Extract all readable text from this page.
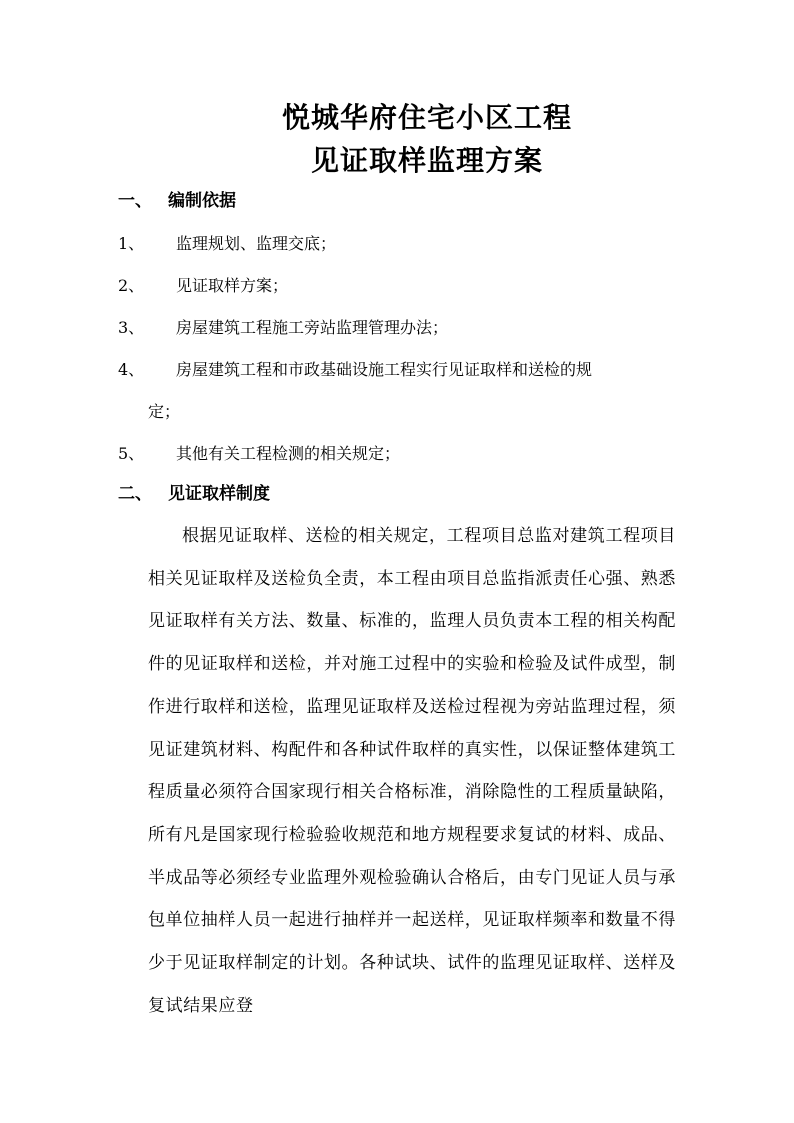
悦城华府住宅小区工程
见证取样监理方案
一、 编制依据
1、 监理规划、监理交底；
2、 见证取样方案；
3、 房屋建筑工程施工旁站监理管理办法；
4、 房屋建筑工程和市政基础设施工程实行见证取样和送检的规
定；
5、 其他有关工程检测的相关规定；
二、 见证取样制度
根据见证取样、送检的相关规定，工程项目总监对建筑工程项目相关见证取样及送检负全责，本工程由项目总监指派责任心强、熟悉见证取样有关方法、数量、标准的，监理人员负责本工程的相关构配件的见证取样和送检，并对施工过程中的实验和检验及试件成型，制作进行取样和送检，监理见证取样及送检过程视为旁站监理过程，须见证建筑材料、构配件和各种试件取样的真实性，以保证整体建筑工程质量必须符合国家现行相关合格标准，消除隐性的工程质量缺陷，所有凡是国家现行检验验收规范和地方规程要求复试的材料、成品、半成品等必须经专业监理外观检验确认合格后，由专门见证人员与承包单位抽样人员一起进行抽样并一起送样，见证取样频率和数量不得少于见证取样制定的计划。各种试块、试件的监理见证取样、送样及复试结果应登
